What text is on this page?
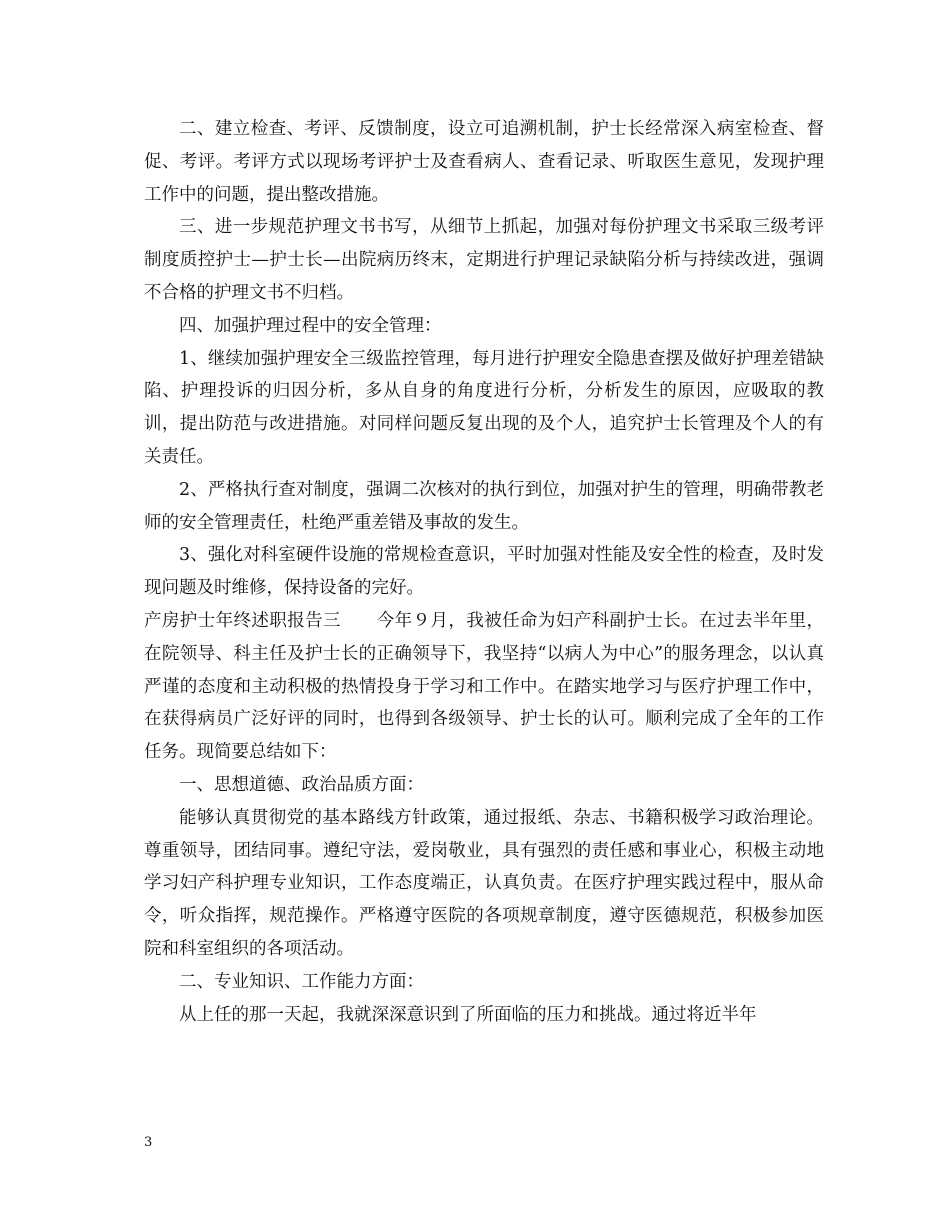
二、建立检查、考评、反馈制度，设立可追溯机制，护士长经常深入病室检查、督促、考评。考评方式以现场考评护士及查看病人、查看记录、听取医生意见，发现护理工作中的问题，提出整改措施。

三、进一步规范护理文书书写，从细节上抓起，加强对每份护理文书采取三级考评制度质控护士—护士长—出院病历终末，定期进行护理记录缺陷分析与持续改进，强调不合格的护理文书不归档。

四、加强护理过程中的安全管理：

1、继续加强护理安全三级监控管理，每月进行护理安全隐患查摆及做好护理差错缺陷、护理投诉的归因分析，多从自身的角度进行分析，分析发生的原因，应吸取的教训，提出防范与改进措施。对同样问题反复出现的及个人，追究护士长管理及个人的有关责任。

2、严格执行查对制度，强调二次核对的执行到位，加强对护生的管理，明确带教老师的安全管理责任，杜绝严重差错及事故的发生。

3、强化对科室硬件设施的常规检查意识，平时加强对性能及安全性的检查，及时发现问题及时维修，保持设备的完好。

产房护士年终述职报告三　　今年９月，我被任命为妇产科副护士长。在过去半年里，在院领导、科主任及护士长的正确领导下，我坚持“以病人为中心”的服务理念，以认真严谨的态度和主动积极的热情投身于学习和工作中。在踏实地学习与医疗护理工作中，在获得病员广泛好评的同时，也得到各级领导、护士长的认可。顺利完成了全年的工作任务。现简要总结如下：

一、思想道德、政治品质方面：

能够认真贯彻党的基本路线方针政策，通过报纸、杂志、书籍积极学习政治理论。尊重领导，团结同事。遵纪守法，爱岗敬业，具有强烈的责任感和事业心，积极主动地学习妇产科护理专业知识，工作态度端正，认真负责。在医疗护理实践过程中，服从命令，听众指挥，规范操作。严格遵守医院的各项规章制度，遵守医德规范，积极参加医院和科室组织的各项活动。

二、专业知识、工作能力方面：

从上任的那一天起，我就深深意识到了所面临的压力和挑战。通过将近半年

3
